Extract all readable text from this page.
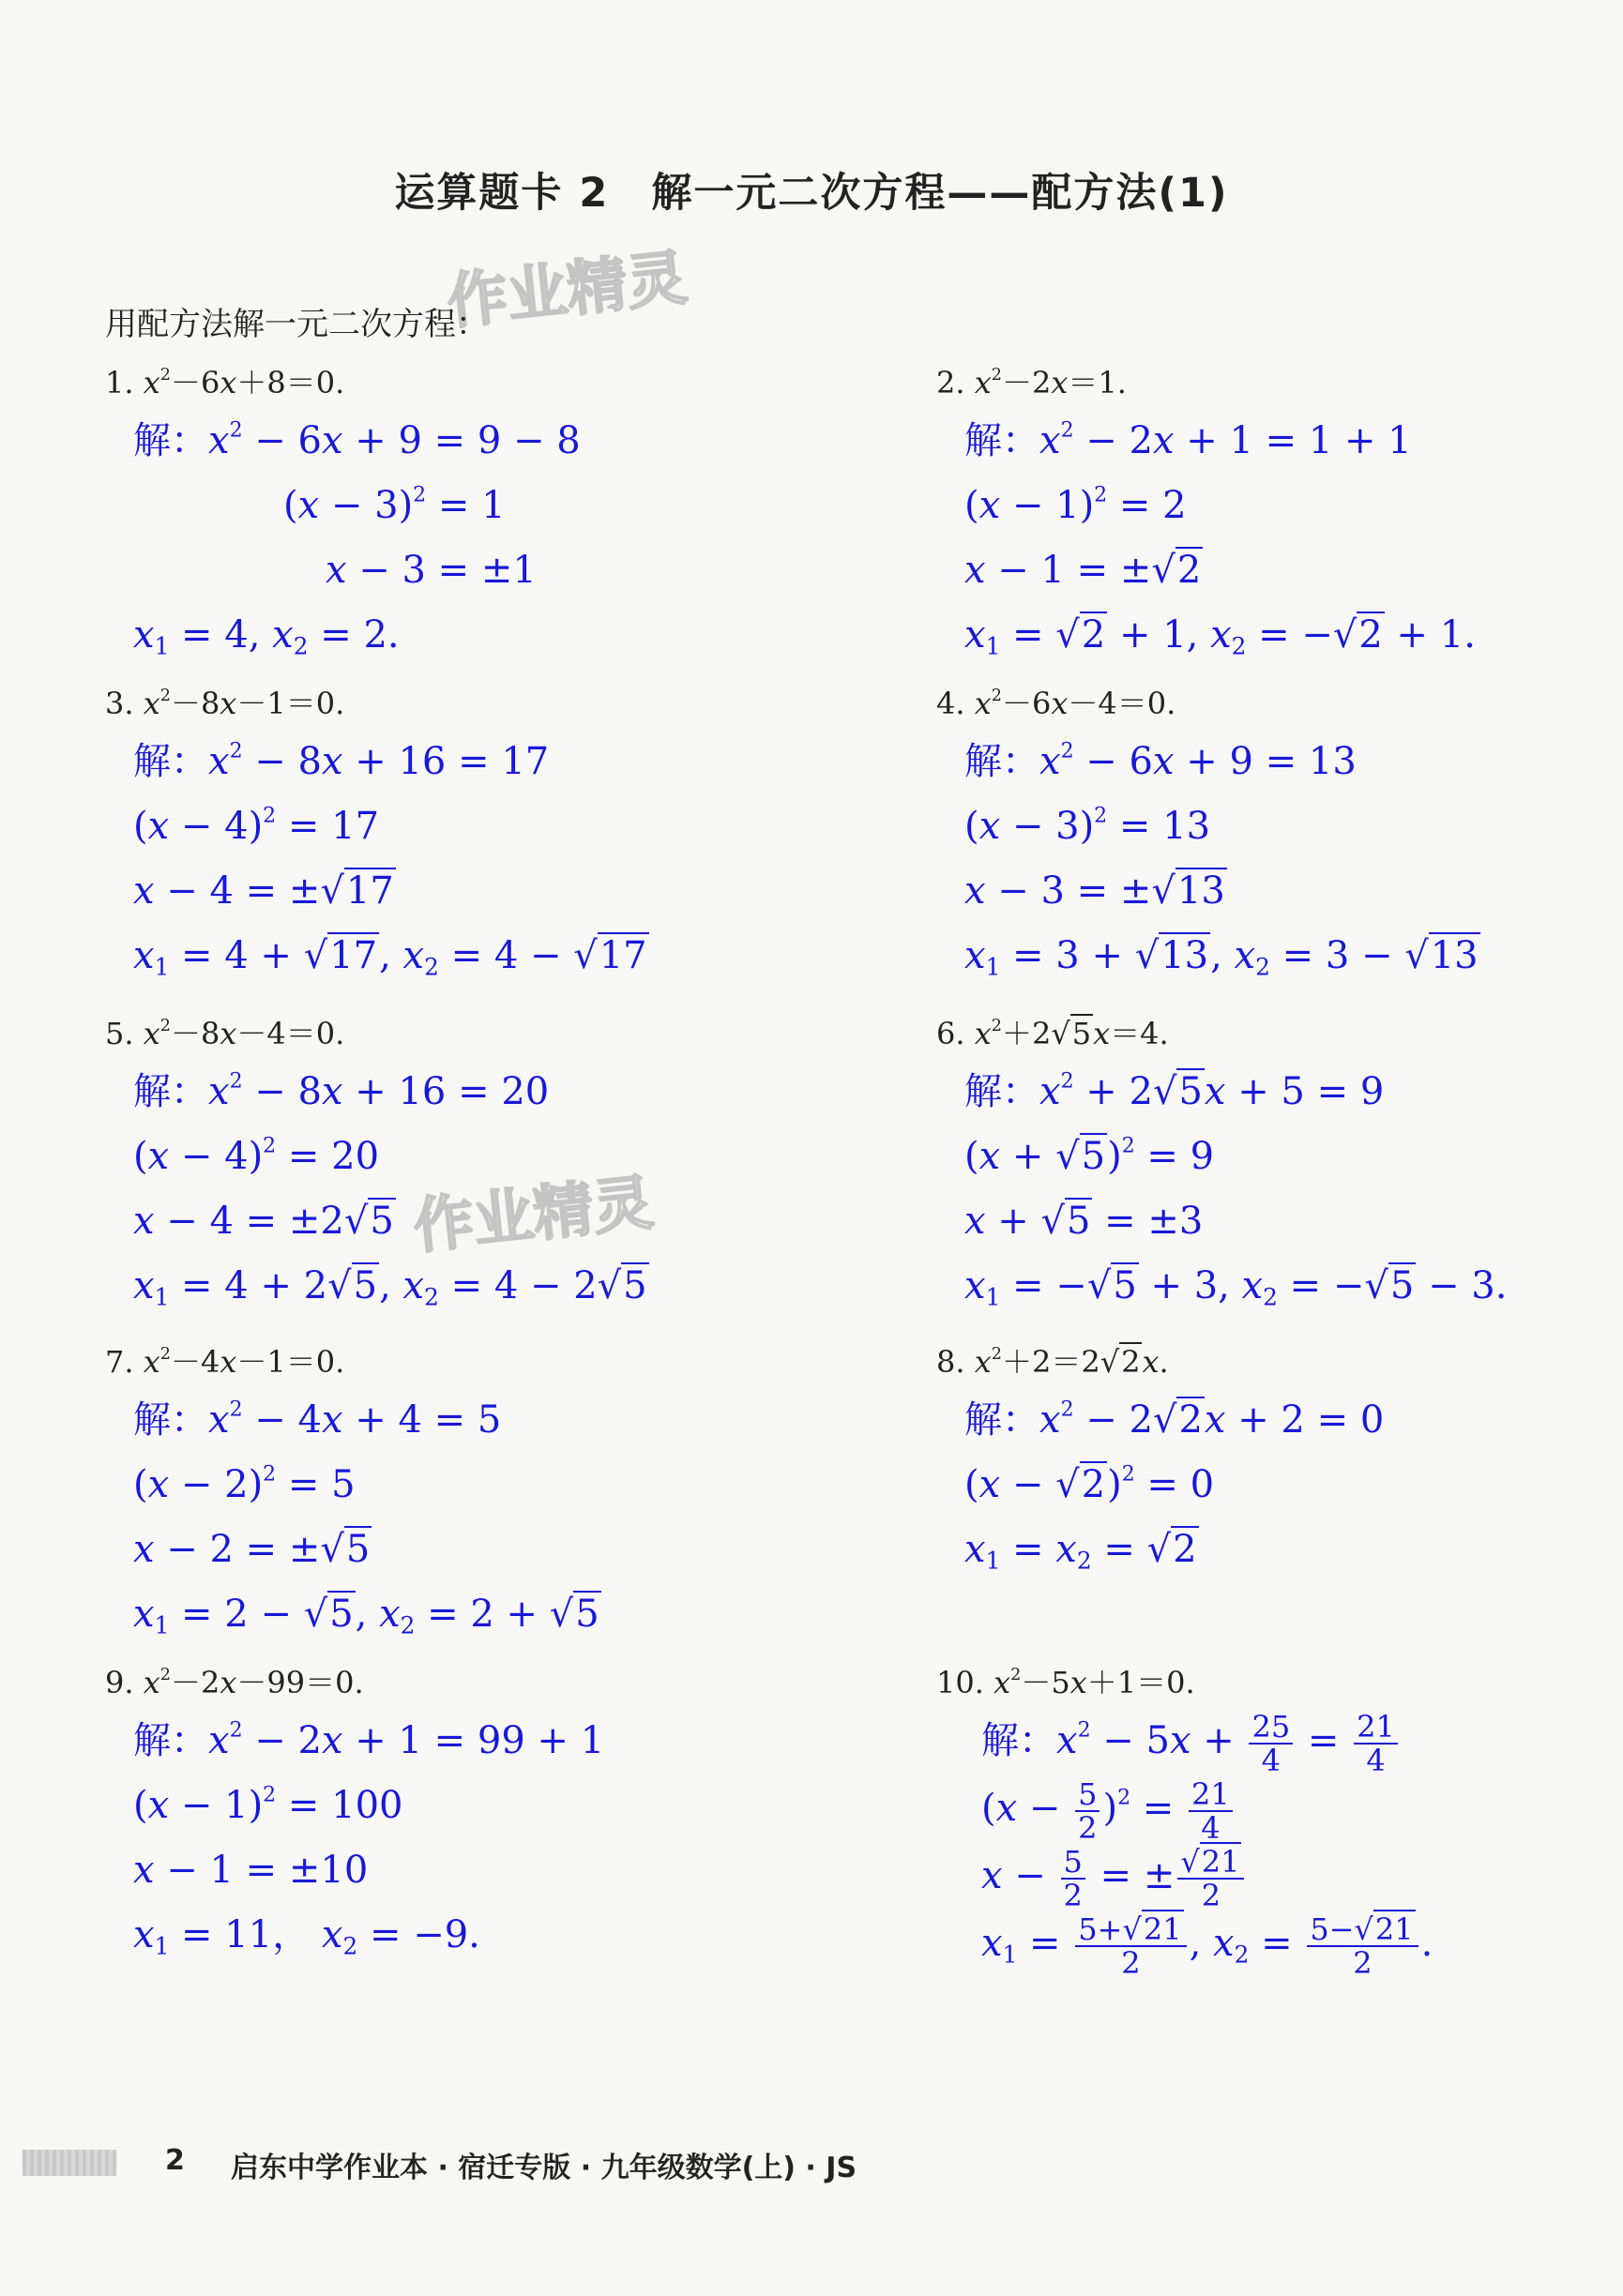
运算题卡 2　解一元二次方程——配方法(1)
作业精灵
作业精灵
用配方法解一元二次方程：
1. $x^2-6x+8=0$.
解：$x^2 - 6x + 9 = 9 - 8$
$(x - 3)^2 = 1$
x − 3 = ±1
$x_1 = 4$, $x_2 = 2$.
2. $x^2-2x=1$.
解：$x^2 - 2x + 1 = 1 + 1$
$(x - 1)^2 = 2$
x − 1 = ±√2
$x_1 = √2 + 1$, $x_2 = -√2 + 1$.
3. $x^2-8x-1=0$.
解：$x^2 - 8x + 16 = 17$
$(x - 4)^2 = 17$
x − 4 = ±√17
$x_1 = 4 + √17$, $x_2 = 4 - √17$
4. $x^2-6x-4=0$.
解：$x^2 - 6x + 9 = 13$
$(x - 3)^2 = 13$
x − 3 = ±√13
$x_1 = 3 + √13$, $x_2 = 3 - √13$
5. $x^2-8x-4=0$.
解：$x^2 - 8x + 16 = 20$
$(x - 4)^2 = 20$
x − 4 = ±2√5
$x_1 = 4 + 2√5$, $x_2 = 4 - 2√5$
6. $x^2+2√5x=4$.
解：$x^2 + 2√5x + 5 = 9$
$(x + √5)^2 = 9$
x + √5 = ±3
$x_1 = -√5 + 3$, $x_2 = -√5 - 3$.
7. $x^2-4x-1=0$.
解：$x^2 - 4x + 4 = 5$
$(x - 2)^2 = 5$
x − 2 = ±√5
$x_1 = 2 - √5$, $x_2 = 2 + √5$
8. $x^2+2=2√2x$.
解：$x^2 - 2√2x + 2 = 0$
$(x - √2)^2 = 0$
$x_1 = x_2 = √2$
9. $x^2-2x-99=0$.
解：$x^2 - 2x + 1 = 99 + 1$
$(x - 1)^2 = 100$
x − 1 = ±10
$x_1 = 11$， $x_2 = -9$.
10. $x^2-5x+1=0$.
解：$x^2 - 5x + \frac{25}{4} = \frac{21}{4}$
$(x - \frac{5}{2} )^2 = \frac{21}{4}$
$x - \frac{5}{2}$ = ± $\frac{√21}{2}$
$x_1 = \frac{5+√21}{2}$ , $x_2 = \frac{5-√21}{2}$ .
2 启东中学作业本 · 宿迁专版 · 九年级数学(上) · JS
